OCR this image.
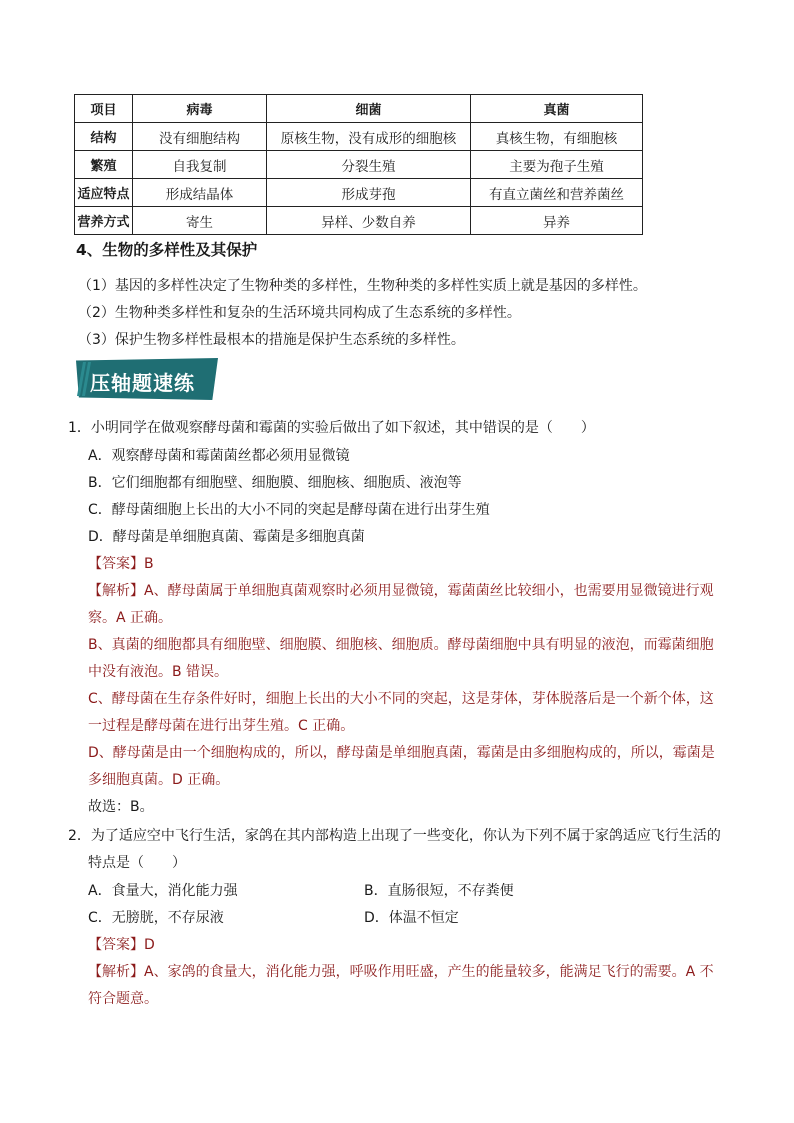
项目	病毒	细菌	真菌
结构	没有细胞结构	原核生物，没有成形的细胞核	真核生物，有细胞核
繁殖	自我复制	分裂生殖	主要为孢子生殖
适应特点	形成结晶体	形成芽孢	有直立菌丝和营养菌丝
营养方式	寄生	异样、少数自养	异养
4、生物的多样性及其保护
（1）基因的多样性决定了生物种类的多样性，生物种类的多样性实质上就是基因的多样性。
（2）生物种类多样性和复杂的生活环境共同构成了生态系统的多样性。
（3）保护生物多样性最根本的措施是保护生态系统的多样性。
压轴题速练
1．小明同学在做观察酵母菌和霉菌的实验后做出了如下叙述，其中错误的是（　　）
A．观察酵母菌和霉菌菌丝都必须用显微镜
B．它们细胞都有细胞壁、细胞膜、细胞核、细胞质、液泡等
C．酵母菌细胞上长出的大小不同的突起是酵母菌在进行出芽生殖
D．酵母菌是单细胞真菌、霉菌是多细胞真菌
【答案】B
【解析】A、酵母菌属于单细胞真菌观察时必须用显微镜，霉菌菌丝比较细小，也需要用显微镜进行观
察。A 正确。
B、真菌的细胞都具有细胞壁、细胞膜、细胞核、细胞质。酵母菌细胞中具有明显的液泡，而霉菌细胞
中没有液泡。B 错误。
C、酵母菌在生存条件好时，细胞上长出的大小不同的突起，这是芽体，芽体脱落后是一个新个体，这
一过程是酵母菌在进行出芽生殖。C 正确。
D、酵母菌是由一个细胞构成的，所以，酵母菌是单细胞真菌，霉菌是由多细胞构成的，所以，霉菌是
多细胞真菌。D 正确。
故选：B。
2．为了适应空中飞行生活，家鸽在其内部构造上出现了一些变化，你认为下列不属于家鸽适应飞行生活的
特点是（　　）
A．食量大，消化能力强	B．直肠很短，不存粪便
C．无膀胱，不存尿液	D．体温不恒定
【答案】D
【解析】A、家鸽的食量大，消化能力强，呼吸作用旺盛，产生的能量较多，能满足飞行的需要。A 不
符合题意。
